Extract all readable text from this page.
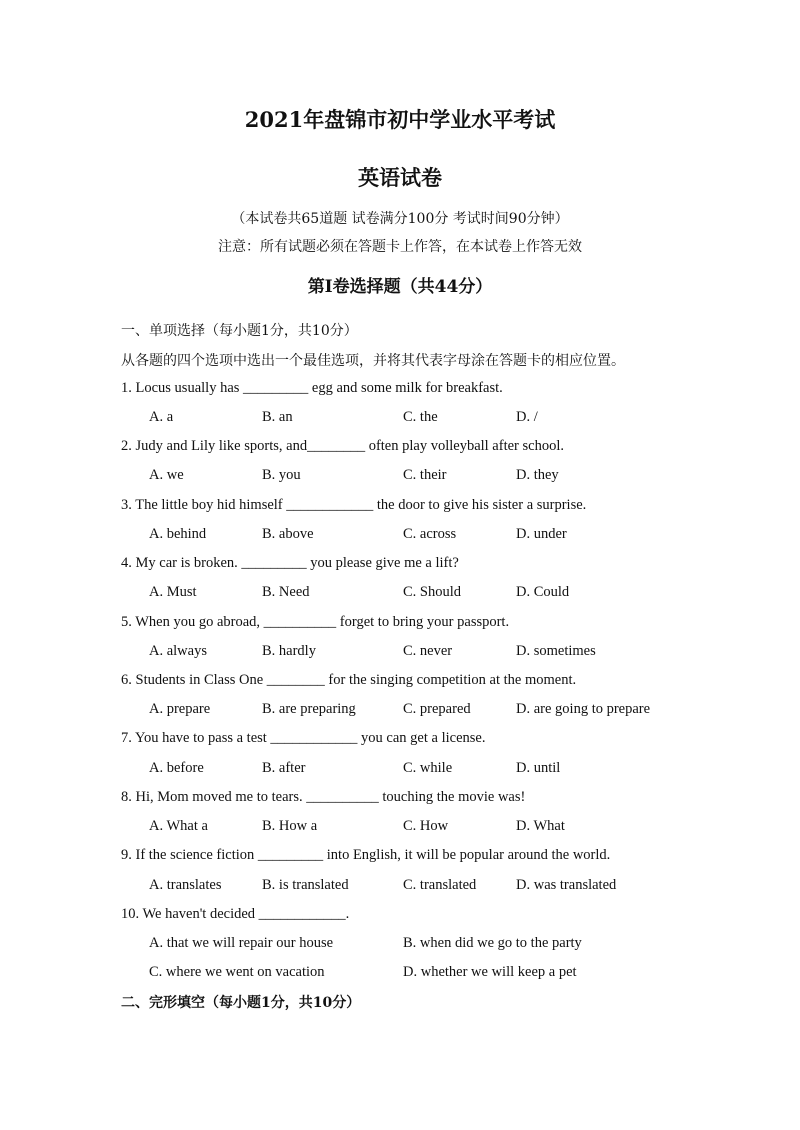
2021年盘锦市初中学业水平考试
英语试卷
（本试卷共65道题 试卷满分100分 考试时间90分钟）
注意：所有试题必须在答题卡上作答，在本试卷上作答无效
第I卷选择题（共44分）
一、单项选择（每小题1分，共10分）
从各题的四个选项中选出一个最佳选项，并将其代表字母涂在答题卡的相应位置。
1. Locus usually has _________ egg and some milk for breakfast.
A. a	B. an	C. the	D. /
2. Judy and Lily like sports, and________ often play volleyball after school.
A. we	B. you	C. their	D. they
3. The little boy hid himself ____________ the door to give his sister a surprise.
A. behind	B. above	C. across	D. under
4. My car is broken. _________ you please give me a lift?
A. Must	B. Need	C. Should	D. Could
5. When you go abroad, __________ forget to bring your passport.
A. always	B. hardly	C. never	D. sometimes
6. Students in Class One ________ for the singing competition at the moment.
A. prepare	B. are preparing	C. prepared	D. are going to prepare
7. You have to pass a test ____________ you can get a license.
A. before	B. after	C. while	D. until
8. Hi, Mom moved me to tears. __________ touching the movie was!
A. What a	B. How a	C. How	D. What
9. If the science fiction _________ into English, it will be popular around the world.
A. translates	B. is translated	C. translated	D. was translated
10. We haven't decided ____________.
A. that we will repair our house	B. when did we go to the party
C. where we went on vacation	D. whether we will keep a pet
二、完形填空（每小题1分，共10分）
